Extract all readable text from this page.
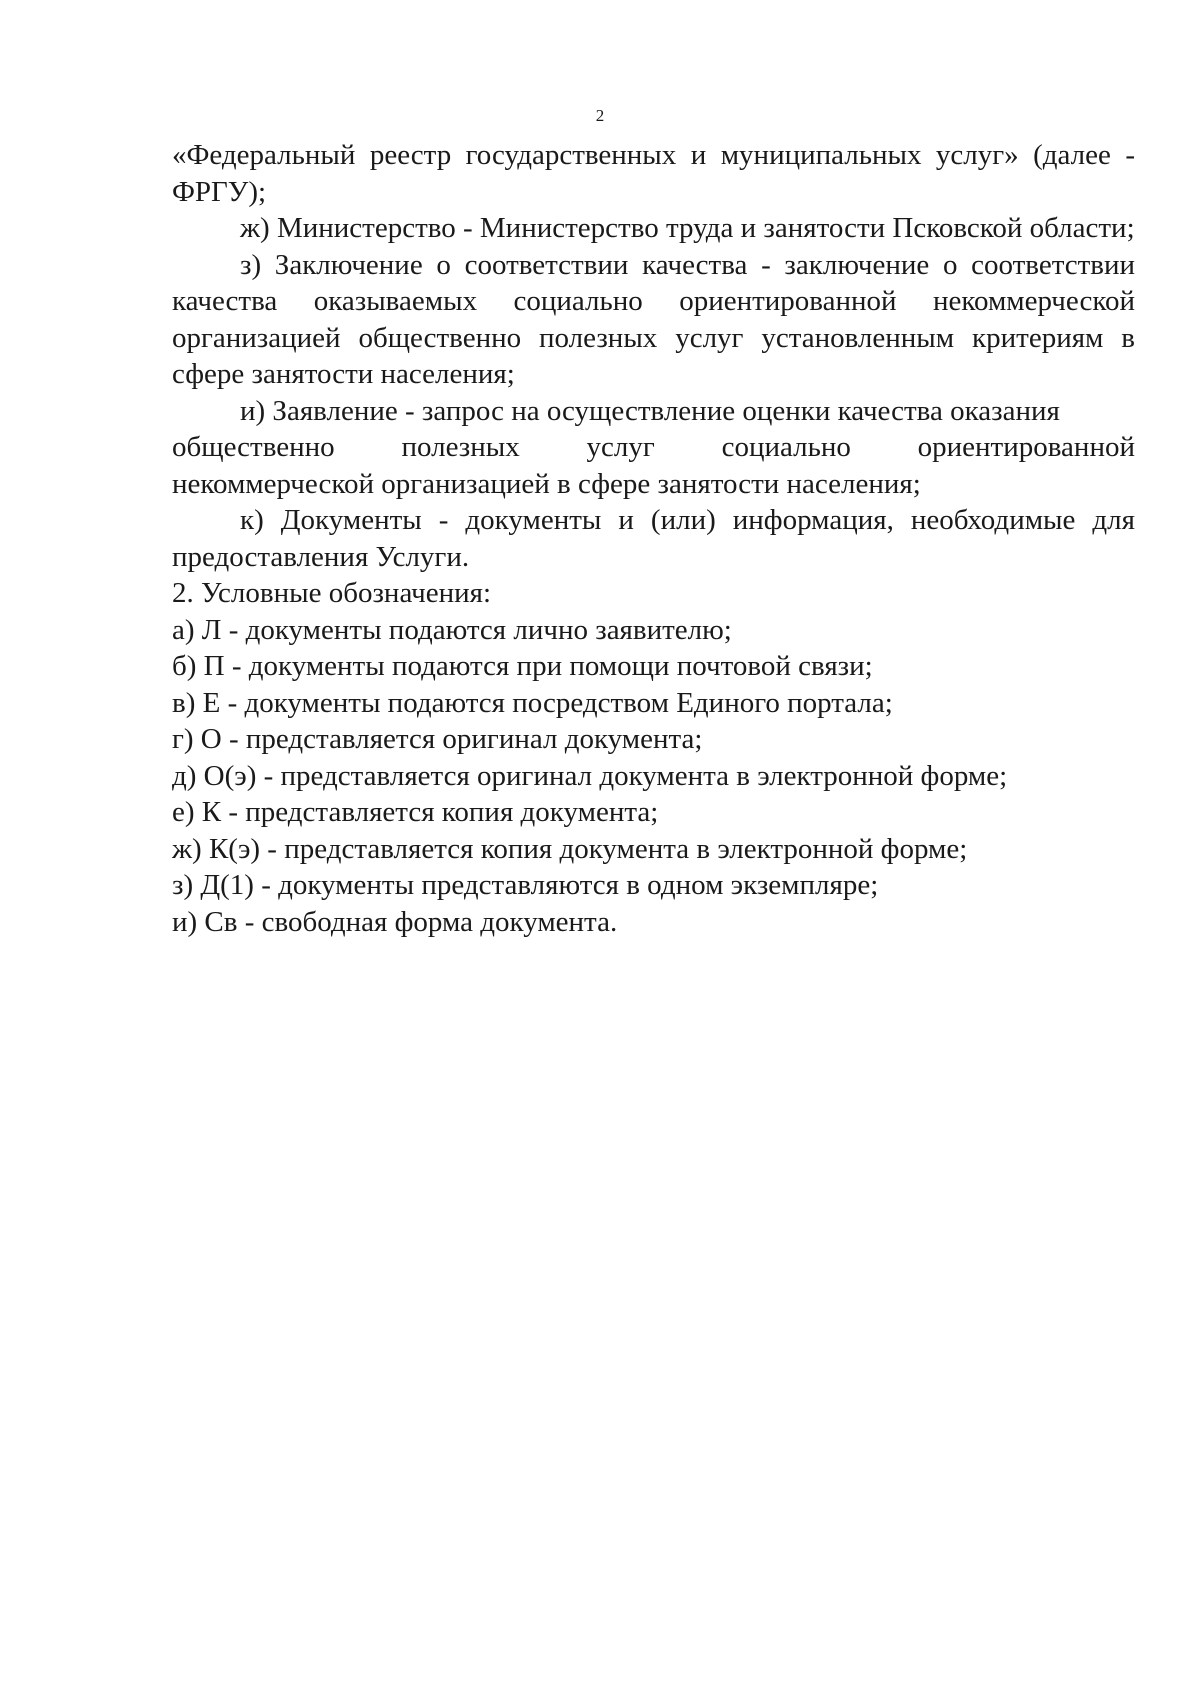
2

«Федеральный реестр государственных и муниципальных услуг» (далее - ФРГУ);

ж) Министерство - Министерство труда и занятости Псковской области;

з) Заключение о соответствии качества - заключение о соответствии качества оказываемых социально ориентированной некоммерческой организацией общественно полезных услуг установленным критериям в сфере занятости населения;

и) Заявление - запрос на осуществление оценки качества оказания

общественно полезных услуг социально ориентированной

некоммерческой организацией в сфере занятости населения;

к) Документы - документы и (или) информация, необходимые для предоставления Услуги.

2. Условные обозначения:

а) Л - документы подаются лично заявителю;

б) П - документы подаются при помощи почтовой связи;

в) Е - документы подаются посредством Единого портала;

г) О - представляется оригинал документа;

д) О(э) - представляется оригинал документа в электронной форме;

е) К - представляется копия документа;

ж) К(э) - представляется копия документа в электронной форме;

з) Д(1) - документы представляются в одном экземпляре;

и) Св - свободная форма документа.
